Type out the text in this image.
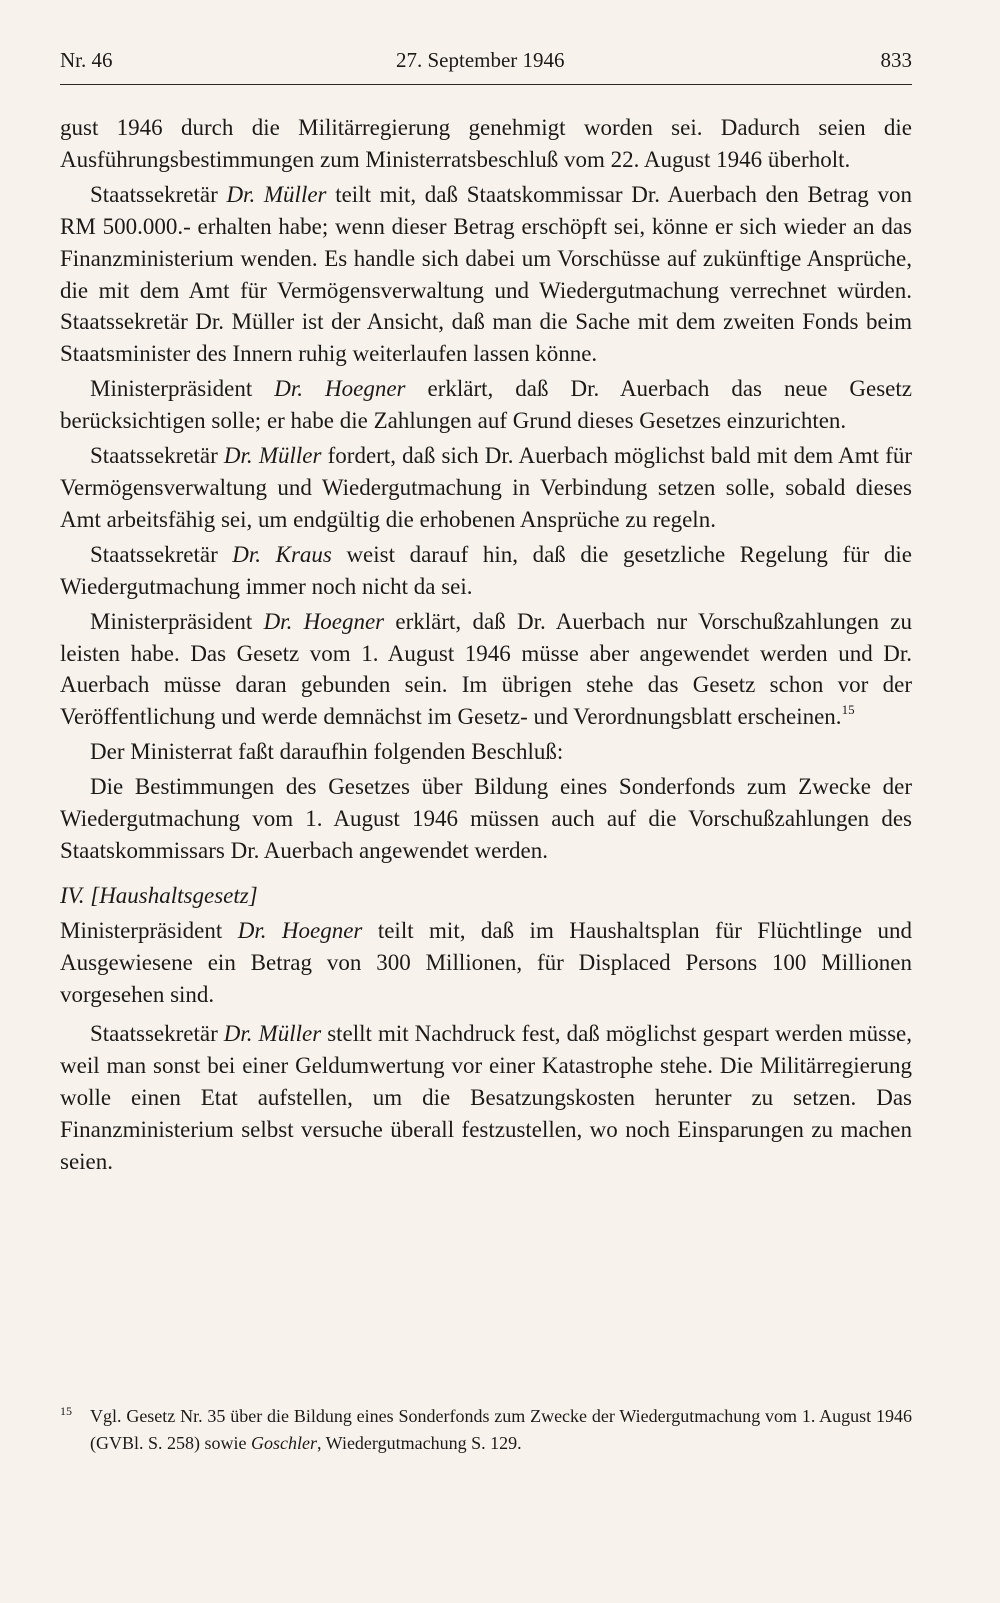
Nr. 46	27. September 1946	833

gust 1946 durch die Militärregierung genehmigt worden sei. Dadurch seien die Ausführungsbestimmungen zum Ministerratsbeschluß vom 22. August 1946 überholt.

Staatssekretär Dr. Müller teilt mit, daß Staatskommissar Dr. Auerbach den Betrag von RM 500.000.- erhalten habe; wenn dieser Betrag erschöpft sei, könne er sich wieder an das Finanzministerium wenden. Es handle sich dabei um Vorschüsse auf zukünftige Ansprüche, die mit dem Amt für Vermögensverwaltung und Wiedergutmachung verrechnet würden. Staatssekretär Dr. Müller ist der Ansicht, daß man die Sache mit dem zweiten Fonds beim Staatsminister des Innern ruhig weiterlaufen lassen könne.

Ministerpräsident Dr. Hoegner erklärt, daß Dr. Auerbach das neue Gesetz berücksichtigen solle; er habe die Zahlungen auf Grund dieses Gesetzes einzurichten.

Staatssekretär Dr. Müller fordert, daß sich Dr. Auerbach möglichst bald mit dem Amt für Vermögensverwaltung und Wiedergutmachung in Verbindung setzen solle, sobald dieses Amt arbeitsfähig sei, um endgültig die erhobenen Ansprüche zu regeln.

Staatssekretär Dr. Kraus weist darauf hin, daß die gesetzliche Regelung für die Wiedergutmachung immer noch nicht da sei.

Ministerpräsident Dr. Hoegner erklärt, daß Dr. Auerbach nur Vorschußzahlungen zu leisten habe. Das Gesetz vom 1. August 1946 müsse aber angewendet werden und Dr. Auerbach müsse daran gebunden sein. Im übrigen stehe das Gesetz schon vor der Veröffentlichung und werde demnächst im Gesetz- und Verordnungsblatt erscheinen.$^{15}$

Der Ministerrat faßt daraufhin folgenden Beschluß:

Die Bestimmungen des Gesetzes über Bildung eines Sonderfonds zum Zwecke der Wiedergutmachung vom 1. August 1946 müssen auch auf die Vorschußzahlungen des Staatskommissars Dr. Auerbach angewendet werden.

IV. [Haushaltsgesetz]

Ministerpräsident Dr. Hoegner teilt mit, daß im Haushaltsplan für Flüchtlinge und Ausgewiesene ein Betrag von 300 Millionen, für Displaced Persons 100 Millionen vorgesehen sind.

Staatssekretär Dr. Müller stellt mit Nachdruck fest, daß möglichst gespart werden müsse, weil man sonst bei einer Geldumwertung vor einer Katastrophe stehe. Die Militärregierung wolle einen Etat aufstellen, um die Besatzungskosten herunter zu setzen. Das Finanzministerium selbst versuche überall festzustellen, wo noch Einsparungen zu machen seien.

$^{15}$ Vgl. Gesetz Nr. 35 über die Bildung eines Sonderfonds zum Zwecke der Wiedergutmachung vom 1. August 1946 (GVBl. S. 258) sowie Goschler, Wiedergutmachung S. 129.
